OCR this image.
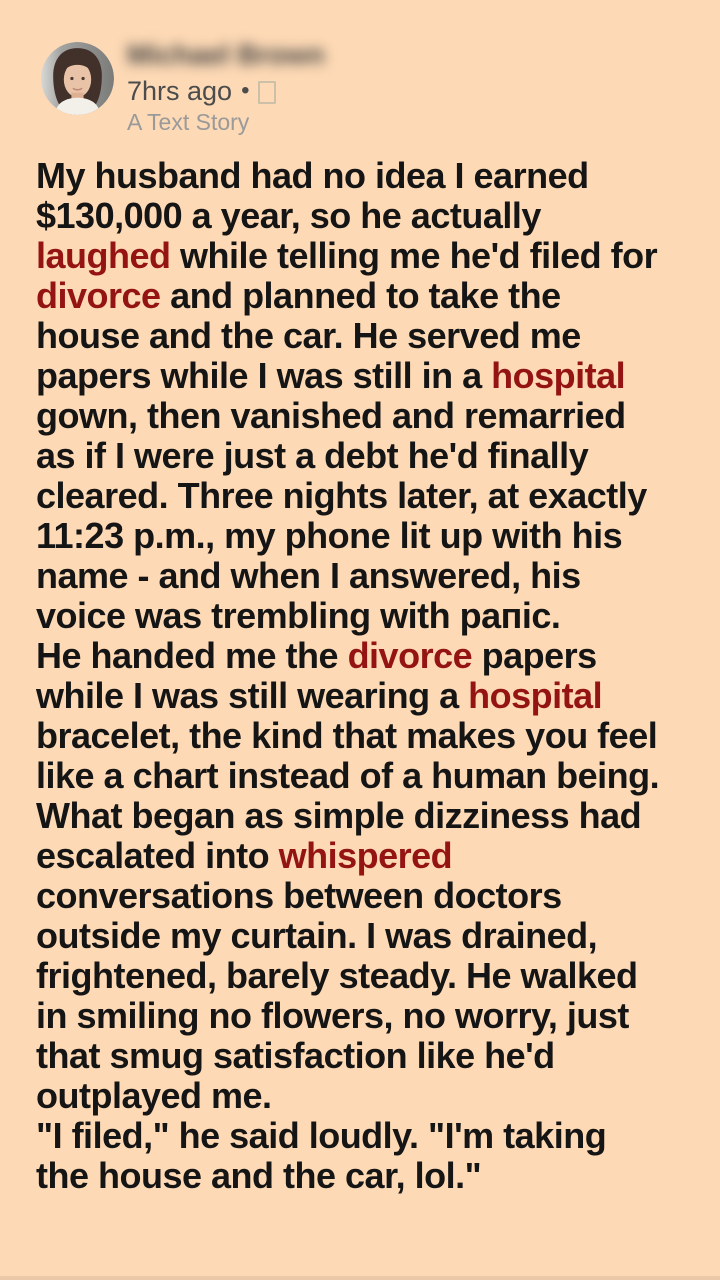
Michael Brown
7hrs ago •
A Text Story
My husband had no idea I earned
$130,000 a year, so he actually
laughed while telling me he'd filed for
divorce and planned to take the
house and the car. He served me
papers while I was still in a hospital
gown, then vanished and remarried
as if I were just a debt he'd finally
cleared. Three nights later, at exactly
11:23 p.m., my phone lit up with his
name - and when I answered, his
voice was trembling with paпic.
He handed me the divorce papers
while I was still wearing a hospital
bracelet, the kind that makes you feel
like a chart instead of a human being.
What began as simple dizziness had
escalated into whispered
conversations between doctors
outside my curtain. I was drained,
frightened, barely steady. He walked
in smiling no flowers, no worry, just
that smug satisfaction like he'd
outplayed me.
"I filed," he said loudly. "I'm taking
the house and the car, lol."
